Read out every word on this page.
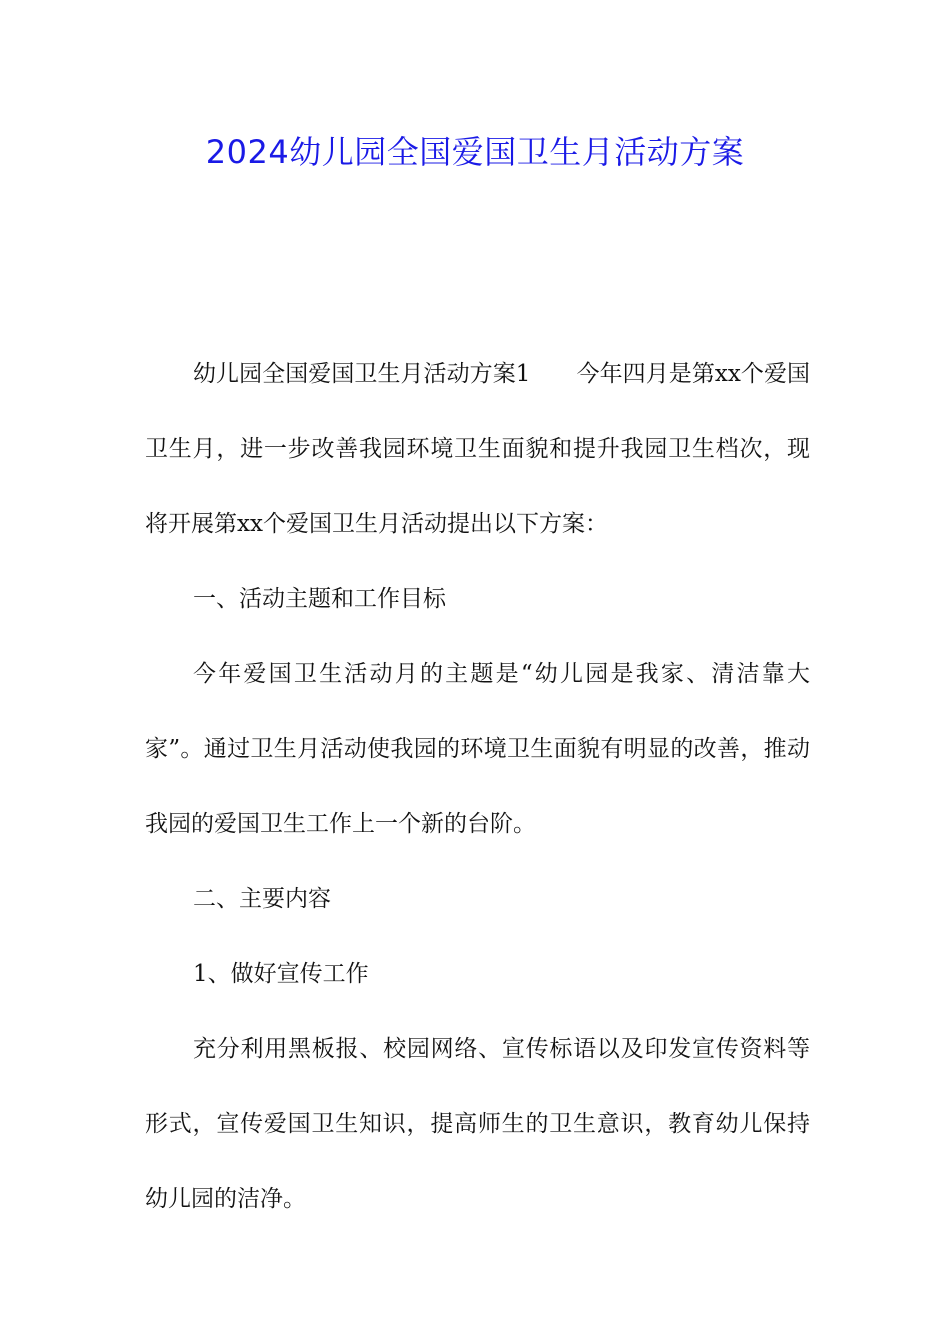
2024幼儿园全国爱国卫生月活动方案

幼儿园全国爱国卫生月活动方案1　　今年四月是第xx个爱国卫生月，进一步改善我园环境卫生面貌和提升我园卫生档次，现将开展第xx个爱国卫生月活动提出以下方案：

一、活动主题和工作目标

今年爱国卫生活动月的主题是“幼儿园是我家、清洁靠大家”。通过卫生月活动使我园的环境卫生面貌有明显的改善，推动我园的爱国卫生工作上一个新的台阶。

二、主要内容

1、做好宣传工作

充分利用黑板报、校园网络、宣传标语以及印发宣传资料等形式，宣传爱国卫生知识，提高师生的卫生意识，教育幼儿保持幼儿园的洁净。
